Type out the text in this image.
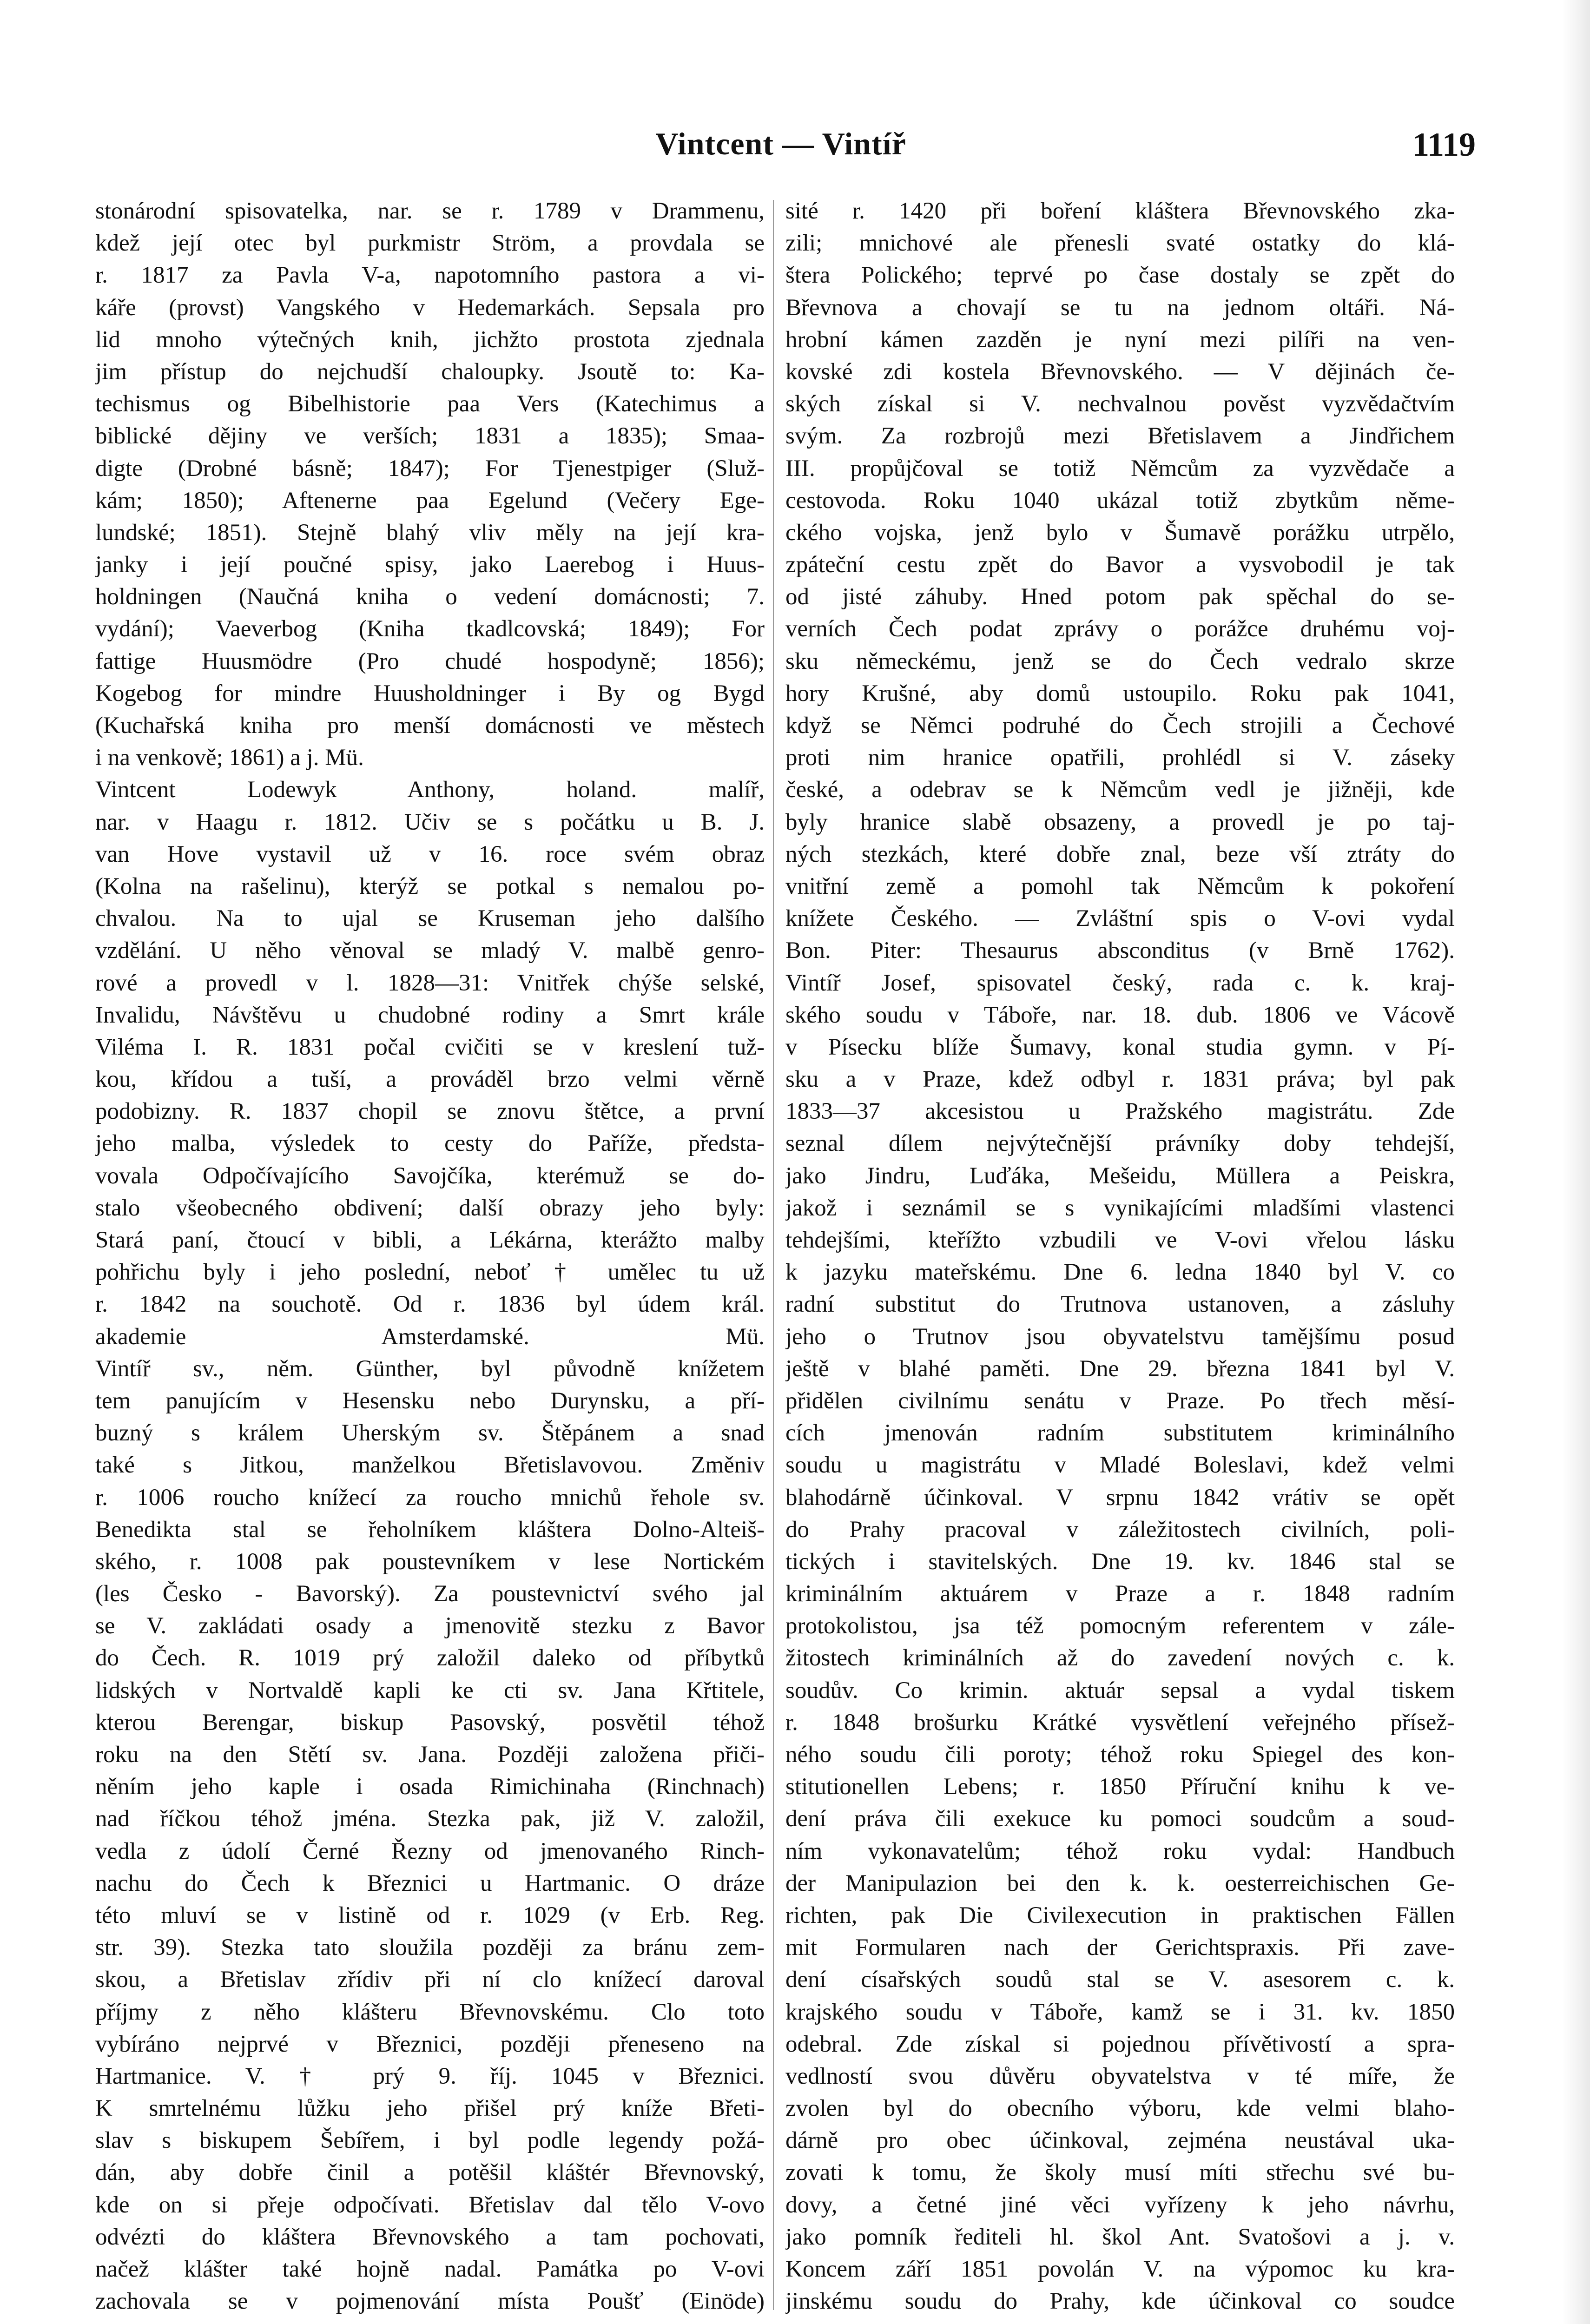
Vintcent — Vintíř	1119
stonárodní spisovatelka, nar. se r. 1789 v Drammenu,
kdež její otec byl purkmistr Ström, a provdala se
r. 1817 za Pavla V-a, napotomního pastora a vi-
káře (provst) Vangského v Hedemarkách. Sepsala pro
lid mnoho výtečných knih, jichžto prostota zjednala
jim přístup do nejchudší chaloupky. Jsoutě to: Ka-
techismus og Bibelhistorie paa Vers (Katechimus a
biblické dějiny ve verších; 1831 a 1835); Smaa-
digte (Drobné básně; 1847); For Tjenestpiger (Služ-
kám; 1850); Aftenerne paa Egelund (Večery Ege-
lundské; 1851). Stejně blahý vliv měly na její kra-
janky i její poučné spisy, jako Laerebog i Huus-
holdningen (Naučná kniha o vedení domácnosti; 7.
vydání); Vaeverbog (Kniha tkadlcovská; 1849); For
fattige Huusmödre (Pro chudé hospodyně; 1856);
Kogebog for mindre Huusholdninger i By og Bygd
(Kuchařská kniha pro menší domácnosti ve městech
i na venkově; 1861) a j. Mü.
Vintcent Lodewyk Anthony, holand. malíř,
nar. v Haagu r. 1812. Učiv se s počátku u B. J.
van Hove vystavil už v 16. roce svém obraz
(Kolna na rašelinu), kterýž se potkal s nemalou po-
chvalou. Na to ujal se Kruseman jeho dalšího
vzdělání. U něho věnoval se mladý V. malbě genro-
rové a provedl v l. 1828—31: Vnitřek chýše selské,
Invalidu, Návštěvu u chudobné rodiny a Smrt krále
Viléma I. R. 1831 počal cvičiti se v kreslení tuž-
kou, křídou a tuší, a prováděl brzo velmi věrně
podobizny. R. 1837 chopil se znovu štětce, a první
jeho malba, výsledek to cesty do Paříže, předsta-
vovala Odpočívajícího Savojčíka, kterémuž se do-
stalo všeobecného obdivení; další obrazy jeho byly:
Stará paní, čtoucí v bibli, a Lékárna, kterážto malby
pohřichu byly i jeho poslední, neboť † umělec tu už
r. 1842 na souchotě. Od r. 1836 byl údem král.
akademie Amsterdamské. Mü.
Vintíř sv., něm. Günther, byl původně knížetem
tem panujícím v Hesensku nebo Durynsku, a pří-
buzný s králem Uherským sv. Štěpánem a snad
také s Jitkou, manželkou Břetislavovou. Změniv
r. 1006 roucho knížecí za roucho mnichů řehole sv.
Benedikta stal se řeholníkem kláštera Dolno-Alteiš-
ského, r. 1008 pak poustevníkem v lese Nortickém
(les Česko - Bavorský). Za poustevnictví svého jal
se V. zakládati osady a jmenovitě stezku z Bavor
do Čech. R. 1019 prý založil daleko od příbytků
lidských v Nortvaldě kapli ke cti sv. Jana Křtitele,
kterou Berengar, biskup Pasovský, posvětil téhož
roku na den Stětí sv. Jana. Později založena přiči-
něním jeho kaple i osada Rimichinaha (Rinchnach)
nad říčkou téhož jména. Stezka pak, již V. založil,
vedla z údolí Černé Řezny od jmenovaného Rinch-
nachu do Čech k Březnici u Hartmanic. O dráze
této mluví se v listině od r. 1029 (v Erb. Reg.
str. 39). Stezka tato sloužila později za bránu zem-
skou, a Břetislav zřídiv při ní clo knížecí daroval
příjmy z něho klášteru Břevnovskému. Clo toto
vybíráno nejprvé v Březnici, později přeneseno na
Hartmanice. V. † prý 9. říj. 1045 v Březnici.
K smrtelnému lůžku jeho přišel prý kníže Břeti-
slav s biskupem Šebířem, i byl podle legendy požá-
dán, aby dobře činil a potěšil kláštér Břevnovský,
kde on si přeje odpočívati. Břetislav dal tělo V-ovo
odvézti do kláštera Břevnovského a tam pochovati,
načež klášter také hojně nadal. Památka po V-ovi
zachovala se v pojmenování místa Poušť (Einöde)
sité r. 1420 při boření kláštera Břevnovského zka-
zili; mnichové ale přenesli svaté ostatky do klá-
štera Polického; teprvé po čase dostaly se zpět do
Břevnova a chovají se tu na jednom oltáři. Ná-
hrobní kámen zazděn je nyní mezi pilíři na ven-
kovské zdi kostela Břevnovského. — V dějinách če-
ských získal si V. nechvalnou pověst vyzvědačtvím
svým. Za rozbrojů mezi Břetislavem a Jindřichem
III. propůjčoval se totiž Němcům za vyzvědače a
cestovoda. Roku 1040 ukázal totiž zbytkům němе-
ckého vojska, jenž bylo v Šumavě porážku utrpělo,
zpáteční cestu zpět do Bavor a vysvobodil je tak
od jisté záhuby. Hned potom pak spěchal do se-
verních Čech podat zprávy o porážce druhému voj-
sku německému, jenž se do Čech vedralo skrze
hory Krušné, aby domů ustoupilo. Roku pak 1041,
když se Němci podruhé do Čech strojili a Čechové
proti nim hranice opatřili, prohlédl si V. zásеky
české, a odebrav se k Němcům vedl je jižněji, kde
byly hranice slabě obsazeny, a provedl je po taj-
ných stezkách, které dobře znal, beze vší ztráty do
vnitřní země a pomohl tak Němcům k pokoření
knížete Českého. — Zvláštní spis o V-ovi vydal
Bon. Piter: Thesaurus absconditus (v Brně 1762).
Vintíř Josef, spisovatel český, rada c. k. kraj-
ského soudu v Táboře, nar. 18. dub. 1806 ve Vácově
v Písecku blíže Šumavy, konal studia gymn. v Pí-
sku a v Praze, kdež odbyl r. 1831 práva; byl pak
1833—37 akcesistou u Pražského magistrátu. Zde
seznal dílem nejvýtečnější právníky doby tehdejší,
jako Jindru, Luďáka, Mešeidu, Müllera a Peiskra,
jakož i seznámil se s vynikajícími mladšími vlastenci
tehdejšími, kteřížto vzbudili ve V-ovi vřelou lásku
k jazyku mateřskému. Dne 6. ledna 1840 byl V. co
radní substitut do Trutnova ustanoven, a zásluhy
jeho o Trutnov jsou obyvatelstvu tamějšímu posud
ještě v blahé paměti. Dne 29. března 1841 byl V.
přidělen civilnímu senátu v Praze. Po třech měsí-
cích jmenován radním substitutem kriminálního
soudu u magistrátu v Mladé Boleslavi, kdež velmi
blahodárně účinkoval. V srpnu 1842 vrátiv se opět
do Prahy pracoval v záležitostech civilních, poli-
tických i stavitelských. Dne 19. kv. 1846 stal se
kriminálním aktuárem v Praze a r. 1848 radním
protokolistou, jsa též pomocným referentem v zále-
žitostech kriminálních až do zavedení nových c. k.
soudův. Co krimin. aktuár sepsal a vydal tiskem
r. 1848 brošurku Krátké vysvětlení veřejného přísež-
ného soudu čili poroty; téhož roku Spiegel des kon-
stitutionellen Lebens; r. 1850 Příruční knihu k ve-
dení práva čili exekuce ku pomoci soudcům a soud-
ním vykonavatelům; téhož roku vydal: Handbuch
der Manipulazion bei den k. k. oesterreichischen Ge-
richten, pak Die Civilexecution in praktischen Fällen
mit Formularen nach der Gerichtspraxis. Při zave-
dení císařských soudů stal se V. asesorem c. k.
krajského soudu v Táboře, kamž se i 31. kv. 1850
odebral. Zde získal si pojednou přívětivostí a spra-
vedlností svou důvěru obyvatelstva v té míře, že
zvolen byl do obecního výboru, kde velmi blaho-
dárně pro obec účinkoval, zejména neustával uka-
zovati k tomu, že školy musí míti střechu své bu-
dovy, a četné jiné věci vyřízeny k jeho návrhu,
jako pomník řediteli hl. škol Ant. Svatošovi a j. v.
Koncem září 1851 povolán V. na výpomoc ku kra-
jinskému soudu do Prahy, kde účinkoval co soudce
